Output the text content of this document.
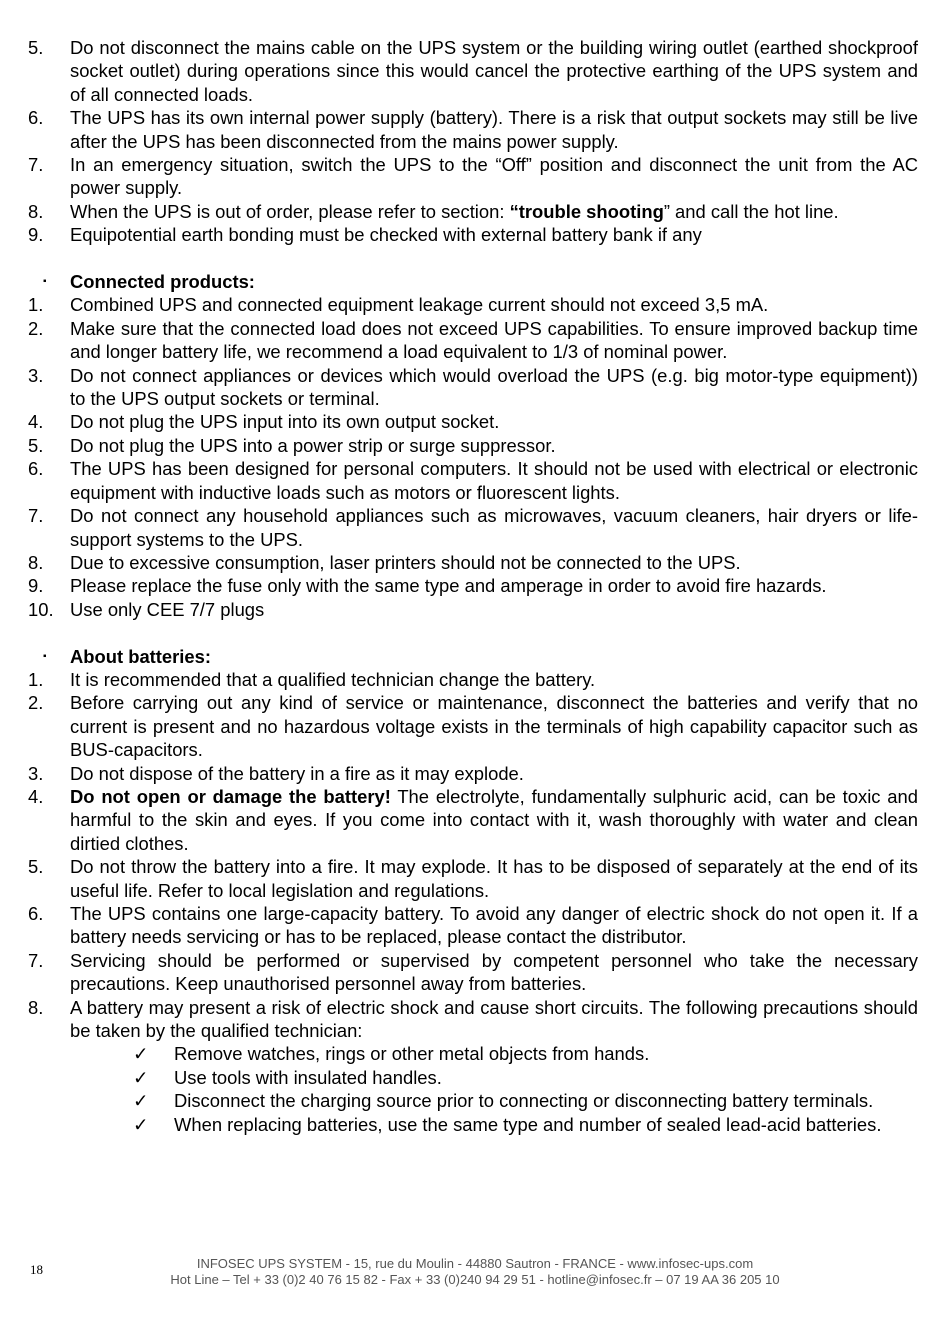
5.	Do not disconnect the mains cable on the UPS system or the building wiring outlet (earthed shockproof socket outlet) during operations since this would cancel the protective earthing of the UPS system and of all connected loads.
6.	The UPS has its own internal power supply (battery). There is a risk that output sockets may still be live after the UPS has been disconnected from the mains power supply.
7.	In an emergency situation, switch the UPS to the “Off” position and disconnect the unit from the AC power supply.
8.	When the UPS is out of order, please refer to section: “trouble shooting” and call the hot line.
9.	Equipotential earth bonding must be checked with external battery bank if any
▪ Connected products:
1.	Combined UPS and connected equipment leakage current should not exceed 3,5 mA.
2.	Make sure that the connected load does not exceed UPS capabilities. To ensure improved backup time and longer battery life, we recommend a load equivalent to 1/3 of nominal power.
3.	Do not connect appliances or devices which would overload the UPS (e.g. big motor-type equipment)) to the UPS output sockets or terminal.
4.	Do not plug the UPS input into its own output socket.
5.	Do not plug the UPS into a power strip or surge suppressor.
6.	The UPS has been designed for personal computers. It should not be used with electrical or electronic equipment with inductive loads such as motors or fluorescent lights.
7.	Do not connect any household appliances such as microwaves, vacuum cleaners, hair dryers or life-support systems to the UPS.
8.	Due to excessive consumption, laser printers should not be connected to the UPS.
9.	Please replace the fuse only with the same type and amperage in order to avoid fire hazards.
10. Use only CEE 7/7 plugs
▪ About batteries:
1.	It is recommended that a qualified technician change the battery.
2.	Before carrying out any kind of service or maintenance, disconnect the batteries and verify that no current is present and no hazardous voltage exists in the terminals of high capability capacitor such as BUS-capacitors.
3.	Do not dispose of the battery in a fire as it may explode.
4.	Do not open or damage the battery! The electrolyte, fundamentally sulphuric acid, can be toxic and harmful to the skin and eyes. If you come into contact with it, wash thoroughly with water and clean dirtied clothes.
5.	Do not throw the battery into a fire. It may explode. It has to be disposed of separately at the end of its useful life. Refer to local legislation and regulations.
6.	The UPS contains one large-capacity battery. To avoid any danger of electric shock do not open it. If a battery needs servicing or has to be replaced, please contact the distributor.
7.	Servicing should be performed or supervised by competent personnel who take the necessary precautions. Keep unauthorised personnel away from batteries.
8.	A battery may present a risk of electric shock and cause short circuits. The following precautions should be taken by the qualified technician:
✓ Remove watches, rings or other metal objects from hands.
✓ Use tools with insulated handles.
✓ Disconnect the charging source prior to connecting or disconnecting battery terminals.
✓ When replacing batteries, use the same type and number of sealed lead-acid batteries.
18	INFOSEC UPS SYSTEM - 15, rue du Moulin - 44880 Sautron - FRANCE - www.infosec-ups.com
Hot Line – Tel + 33 (0)2 40 76 15 82 - Fax + 33 (0)240 94 29 51 - hotline@infosec.fr – 07 19 AA 36 205 10
